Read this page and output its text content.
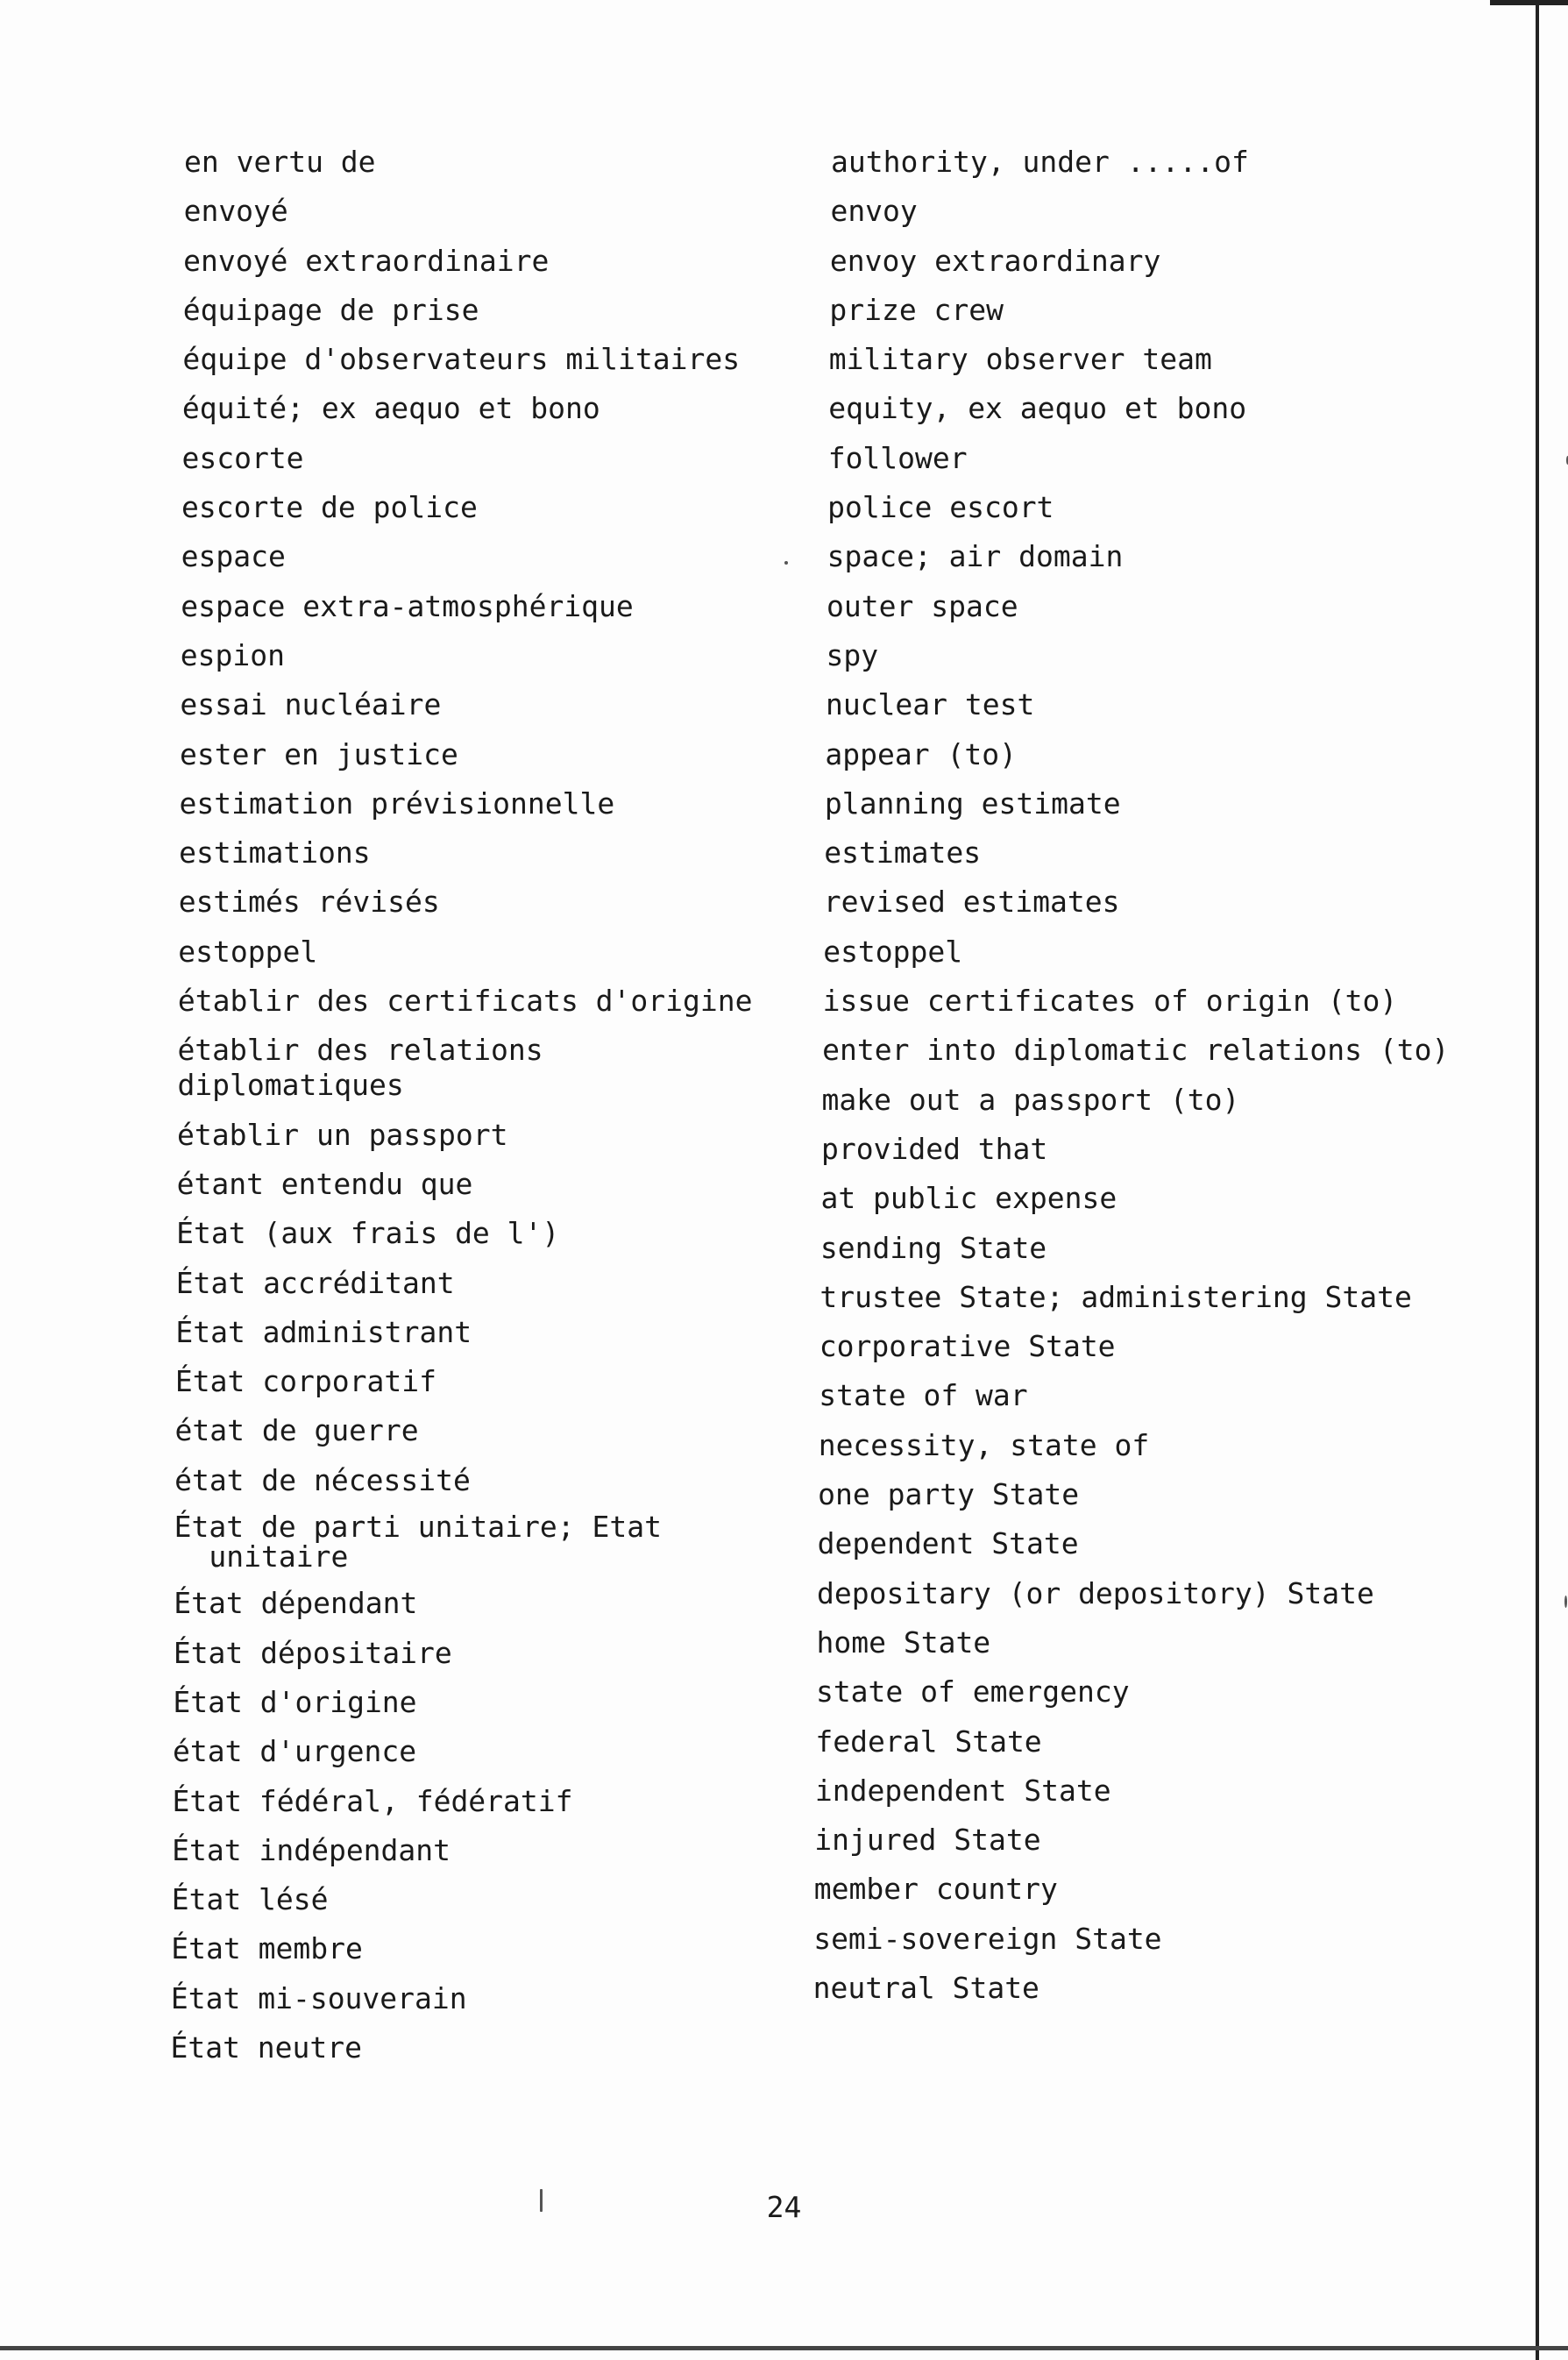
en vertu de
envoyé
envoyé extraordinaire
équipage de prise
équipe d'observateurs militaires
équité; ex aequo et bono
escorte
escorte de police
espace
espace extra-atmosphérique
espion
essai nucléaire
ester en justice
estimation prévisionnelle
estimations
estimés révisés
estoppel
établir des certificats d'origine
établir des relations diplomatiques
établir un passport
étant entendu que
État (aux frais de l')
État accréditant
État administrant
État corporatif
état de guerre
état de nécessité
État de parti unitaire; Etat
unitaire
État dépendant
État dépositaire
État d'origine
état d'urgence
État fédéral, fédératif
État indépendant
État lésé
État membre
État mi-souverain
État neutre
authority, under .....of
envoy
envoy extraordinary
prize crew
military observer team
equity, ex aequo et bono
follower
police escort
space; air domain
outer space
spy
nuclear test
appear (to)
planning estimate
estimates
revised estimates
estoppel
issue certificates of origin (to)
enter into diplomatic relations (to)
make out a passport (to)
provided that
at public expense
sending State
trustee State; administering State
corporative State
state of war
necessity, state of
one party State
dependent State
depositary (or depository) State
home State
state of emergency
federal State
independent State
injured State
member country
semi-sovereign State
neutral State
24
